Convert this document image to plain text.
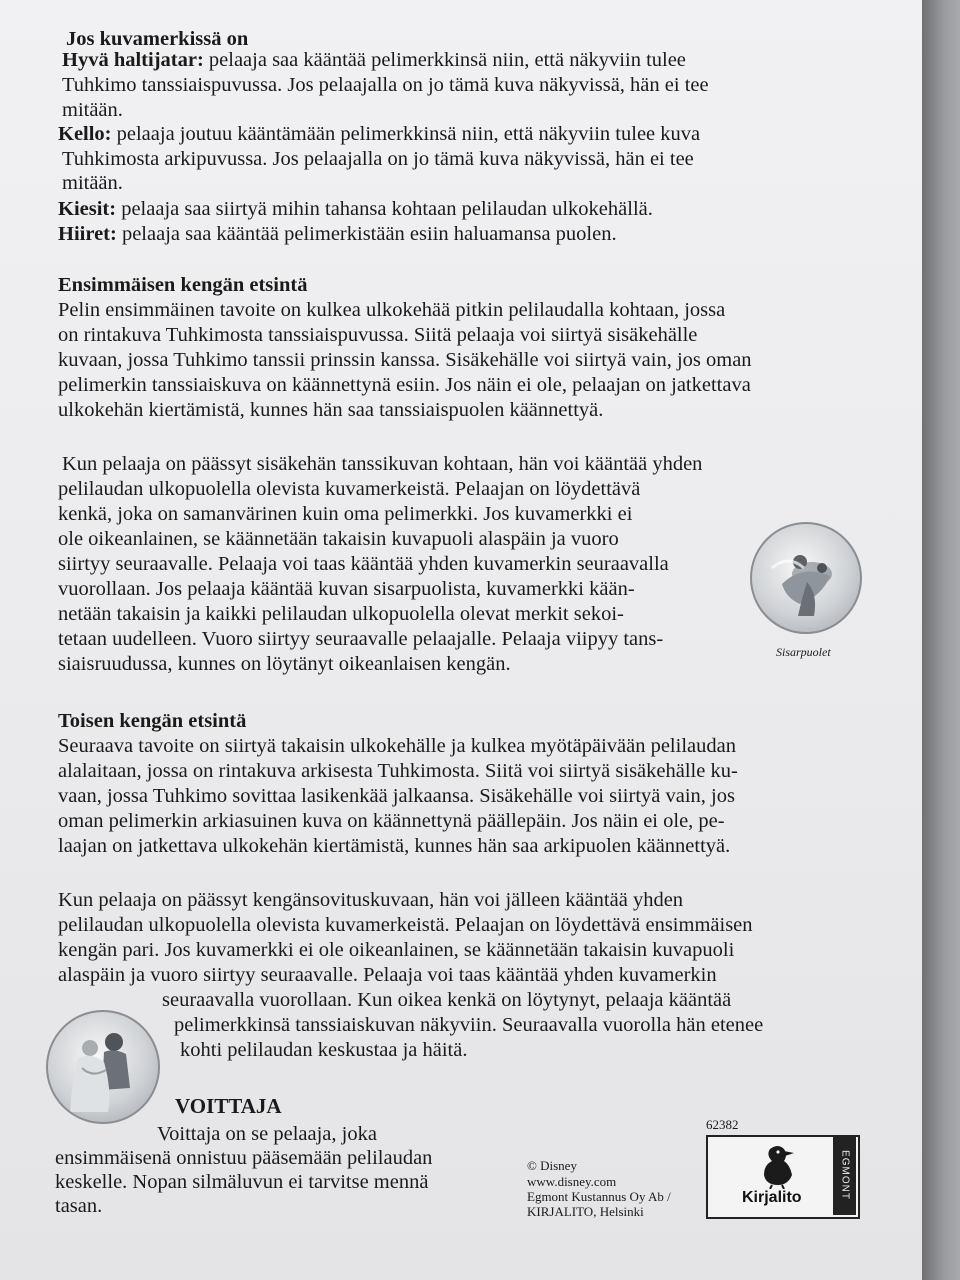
Jos kuvamerkissä on

Hyvä haltijatar: pelaaja saa kääntää pelimerkkinsä niin, että näkyviin tulee

Tuhkimo tanssiaispuvussa. Jos pelaajalla on jo tämä kuva näkyvissä, hän ei tee

mitään.

Kello: pelaaja joutuu kääntämään pelimerkkinsä niin, että näkyviin tulee kuva

Tuhkimosta arkipuvussa. Jos pelaajalla on jo tämä kuva näkyvissä, hän ei tee

mitään.

Kiesit: pelaaja saa siirtyä mihin tahansa kohtaan pelilaudan ulkokehällä.

Hiiret: pelaaja saa kääntää pelimerkistään esiin haluamansa puolen.

Ensimmäisen kengän etsintä

Pelin ensimmäinen tavoite on kulkea ulkokehää pitkin pelilaudalla kohtaan, jossa

on rintakuva Tuhkimosta tanssiaispuvussa. Siitä pelaaja voi siirtyä sisäkehälle

kuvaan, jossa Tuhkimo tanssii prinssin kanssa. Sisäkehälle voi siirtyä vain, jos oman

pelimerkin tanssiaiskuva on käännettynä esiin. Jos näin ei ole, pelaajan on jatkettava

ulkokehän kiertämistä, kunnes hän saa tanssiaispuolen käännettyä.

Kun pelaaja on päässyt sisäkehän tanssikuvan kohtaan, hän voi kääntää yhden

pelilaudan ulkopuolella olevista kuvamerkeistä. Pelaajan on löydettävä

kenkä, joka on samanvärinen kuin oma pelimerkki. Jos kuvamerkki ei

ole oikeanlainen, se käännetään takaisin kuvapuoli alaspäin ja vuoro

siirtyy seuraavalle. Pelaaja voi taas kääntää yhden kuvamerkin seuraavalla

vuorollaan. Jos pelaaja kääntää kuvan sisarpuolista, kuvamerkki kään-

netään takaisin ja kaikki pelilaudan ulkopuolella olevat merkit sekoi-

tetaan uudelleen. Vuoro siirtyy seuraavalle pelaajalle. Pelaaja viipyy tans-

siaisruudussa, kunnes on löytänyt oikeanlaisen kengän.

Sisarpuolet

Toisen kengän etsintä

Seuraava tavoite on siirtyä takaisin ulkokehälle ja kulkea myötäpäivään pelilaudan

alalaitaan, jossa on rintakuva arkisesta Tuhkimosta. Siitä voi siirtyä sisäkehälle ku-

vaan, jossa Tuhkimo sovittaa lasikenkää jalkaansa. Sisäkehälle voi siirtyä vain, jos

oman pelimerkin arkiasuinen kuva on käännettynä päällepäin. Jos näin ei ole, pe-

laajan on jatkettava ulkokehän kiertämistä, kunnes hän saa arkipuolen käännettyä.

Kun pelaaja on päässyt kengänsovituskuvaan, hän voi jälleen kääntää yhden

pelilaudan ulkopuolella olevista kuvamerkeistä. Pelaajan on löydettävä ensimmäisen

kengän pari. Jos kuvamerkki ei ole oikeanlainen, se käännetään takaisin kuvapuoli

alaspäin ja vuoro siirtyy seuraavalle. Pelaaja voi taas kääntää yhden kuvamerkin

seuraavalla vuorollaan. Kun oikea kenkä on löytynyt, pelaaja kääntää

pelimerkkinsä tanssiaiskuvan näkyviin. Seuraavalla vuorolla hän etenee

kohti pelilaudan keskustaa ja häitä.

VOITTAJA

Voittaja on se pelaaja, joka

ensimmäisenä onnistuu pääsemään pelilaudan

keskelle. Nopan silmäluvun ei tarvitse mennä

tasan.

© Disney

www.disney.com

Egmont Kustannus Oy Ab /

KIRJALITO, Helsinki

62382

Kirjalito	EGMONT
